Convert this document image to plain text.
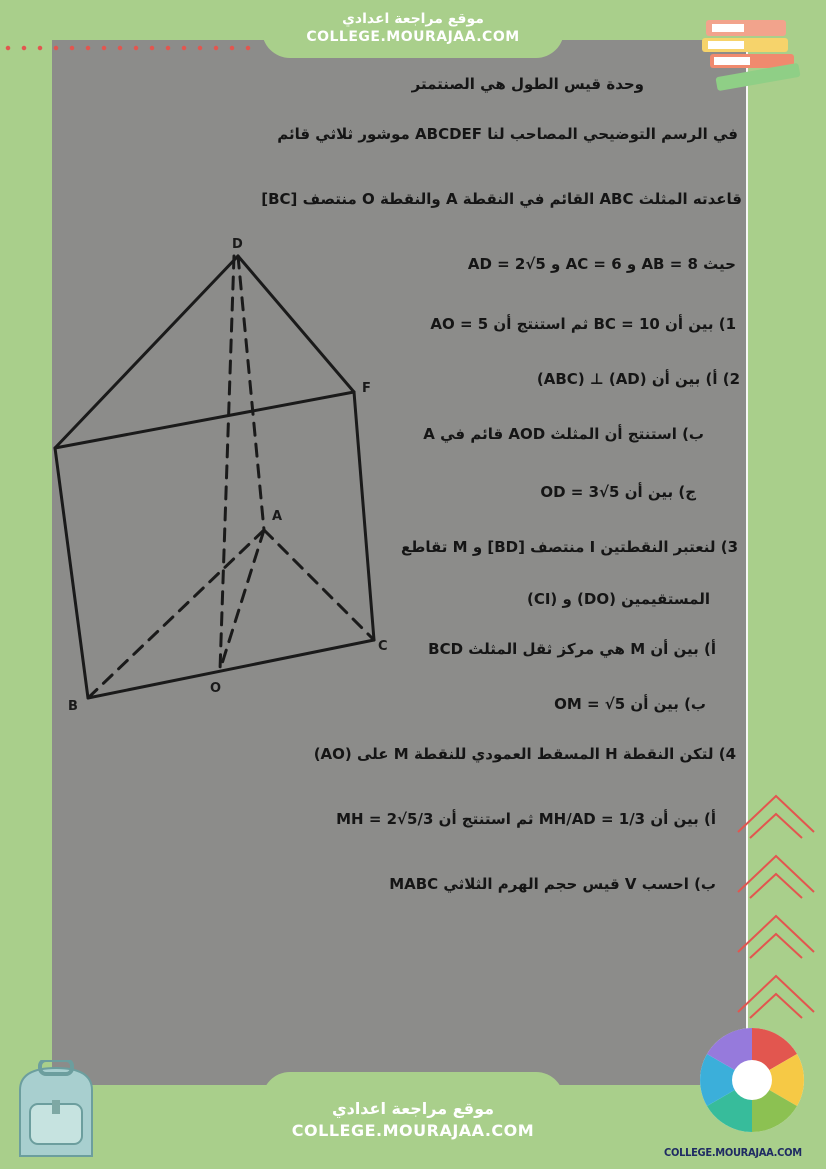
D
F
A
C
B
O
وحدة قيس الطول هي الصنتمتر
في الرسم التوضيحي المصاحب لنا ABCDEF موشور ثلاثي قائم
قاعدته المثلث ABC القائم في النقطة A والنقطة O منتصف [BC]
حيث AB = 8 و AC = 6 و AD = 2√5
1) بين أن BC = 10 ثم استنتج أن AO = 5
2) أ) بين أن (AD) ⊥ (ABC)
ب) استنتج أن المثلث AOD قائم في A
ج) بين أن OD = 3√5
3) لنعتبر النقطتين I منتصف [BD] و M تقاطع
المستقيمين (DO) و (CI)
أ) بين أن M هي مركز ثقل المثلث BCD
ب) بين أن OM = √5
4) لتكن النقطة H المسقط العمودي للنقطة M على (AO)
أ) بين أن MH/AD = 1/3 ثم استنتج أن MH = 2√5/3
ب) احسب V قيس حجم الهرم الثلاثي MABC
موقع مراجعة اعدادي
COLLEGE.MOURAJAA.COM
موقع مراجعة اعدادي
COLLEGE.MOURAJAA.COM
COLLEGE.MOURAJAA.COM
